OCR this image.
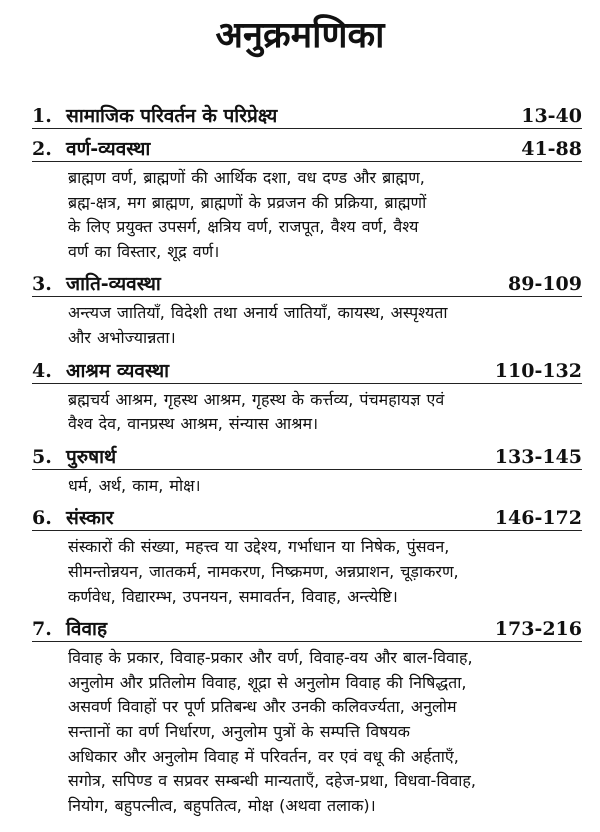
अनुक्रमणिका
1. सामाजिक परिवर्तन के परिप्रेक्ष्य	13-40
2. वर्ण-व्यवस्था	41-88
ब्राह्मण वर्ण, ब्राह्मणों की आर्थिक दशा, वध दण्ड और ब्राह्मण,
ब्रह्म-क्षत्र, मग ब्राह्मण, ब्राह्मणों के प्रव्रजन की प्रक्रिया, ब्राह्मणों
के लिए प्रयुक्त उपसर्ग, क्षत्रिय वर्ण, राजपूत, वैश्य वर्ण, वैश्य
वर्ण का विस्तार, शूद्र वर्ण।
3. जाति-व्यवस्था	89-109
अन्त्यज जातियाँ, विदेशी तथा अनार्य जातियाँ, कायस्थ, अस्पृश्यता
और अभोज्यान्नता।
4. आश्रम व्यवस्था	110-132
ब्रह्मचर्य आश्रम, गृहस्थ आश्रम, गृहस्थ के कर्त्तव्य, पंचमहायज्ञ एवं
वैश्व देव, वानप्रस्थ आश्रम, संन्यास आश्रम।
5. पुरुषार्थ	133-145
धर्म, अर्थ, काम, मोक्ष।
6. संस्कार	146-172
संस्कारों की संख्या, महत्त्व या उद्देश्य, गर्भाधान या निषेक, पुंसवन,
सीमन्तोन्नयन, जातकर्म, नामकरण, निष्क्रमण, अन्नप्राशन, चूड़ाकरण,
कर्णवेध, विद्यारम्भ, उपनयन, समावर्तन, विवाह, अन्त्येष्टि।
7. विवाह	173-216
विवाह के प्रकार, विवाह-प्रकार और वर्ण, विवाह-वय और बाल-विवाह,
अनुलोम और प्रतिलोम विवाह, शूद्रा से अनुलोम विवाह की निषिद्धता,
असवर्ण विवाहों पर पूर्ण प्रतिबन्ध और उनकी कलिवर्ज्यता, अनुलोम
सन्तानों का वर्ण निर्धारण, अनुलोम पुत्रों के सम्पत्ति विषयक
अधिकार और अनुलोम विवाह में परिवर्तन, वर एवं वधू की अर्हताएँ,
सगोत्र, सपिण्ड व सप्रवर सम्बन्धी मान्यताएँ, दहेज-प्रथा, विधवा-विवाह,
नियोग, बहुपत्नीत्व, बहुपतित्व, मोक्ष (अथवा तलाक)।
